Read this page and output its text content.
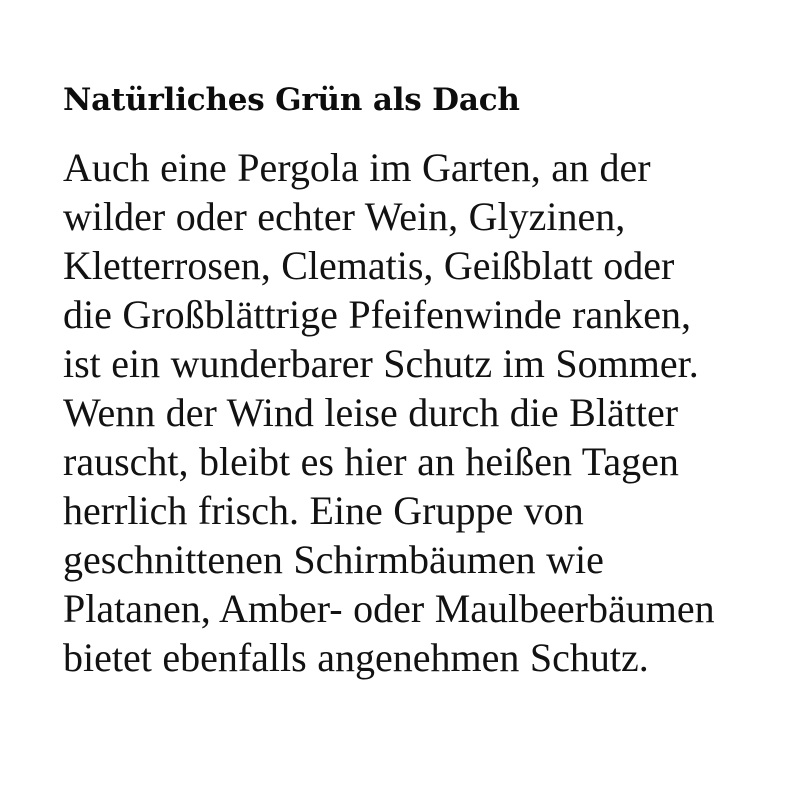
Natürliches Grün als Dach

Auch eine Pergola im Garten, an der wilder oder echter Wein, Glyzinen, Kletterrosen, Clematis, Geißblatt oder die Großblättrige Pfeifenwinde ranken, ist ein wunderbarer Schutz im Sommer. Wenn der Wind leise durch die Blätter rauscht, bleibt es hier an heißen Tagen herrlich frisch. Eine Gruppe von geschnittenen Schirmbäumen wie Platanen, Amber- oder Maulbeerbäumen bietet ebenfalls angenehmen Schutz.
